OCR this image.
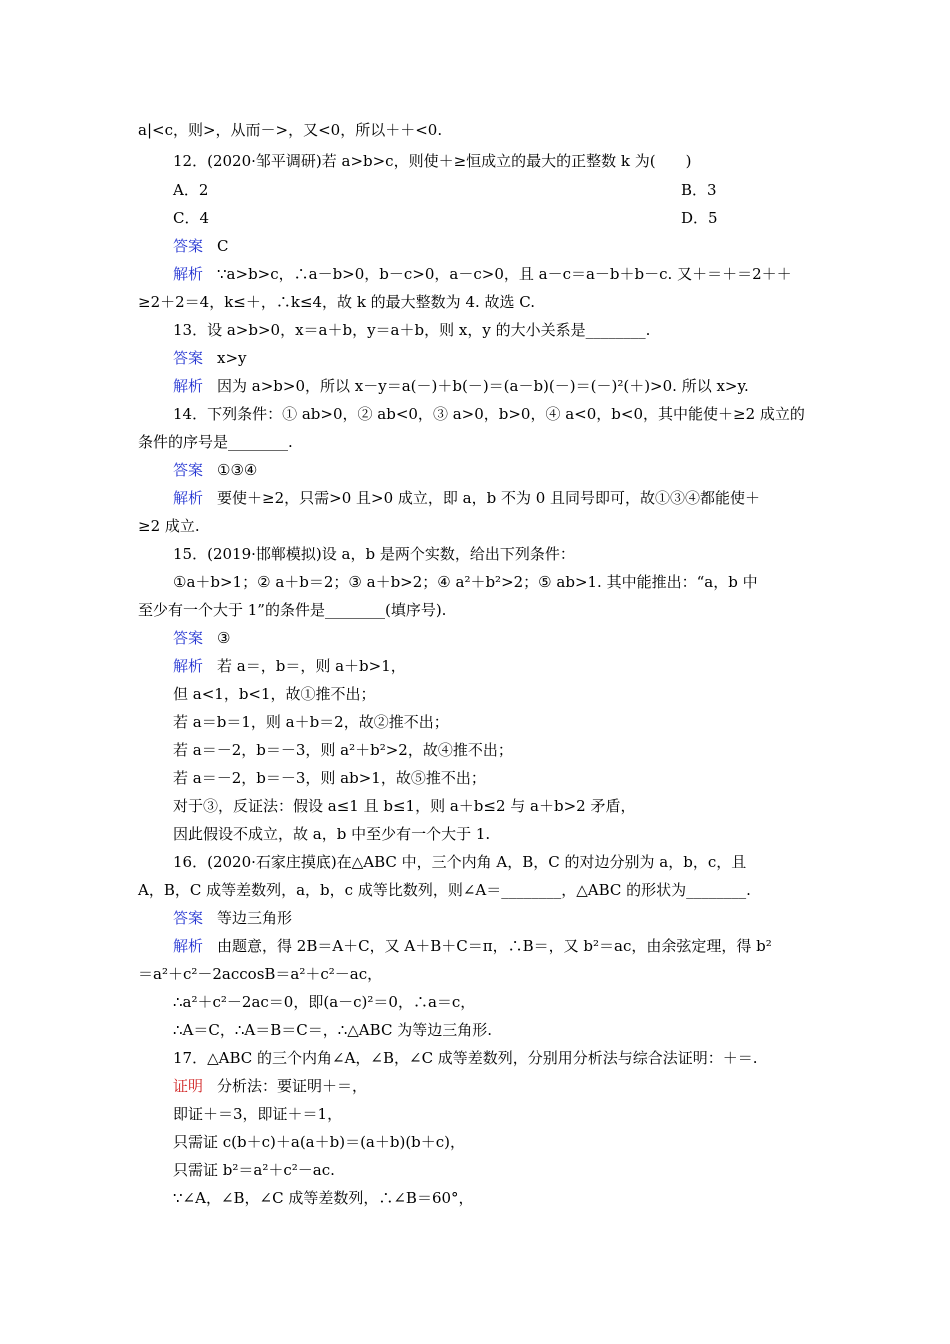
a|<c，则>，从而－>，又<0，所以＋＋<0.
12．(2020·邹平调研)若 a>b>c，则使＋≥恒成立的最大的正整数 k 为(　　)
A．2	B．3
C．4	D．5
答案 C
解析 ∵a>b>c，∴a－b>0，b－c>0，a－c>0，且 a－c＝a－b＋b－c. 又＋＝＋＝2＋＋
≥2＋2＝4，k≤＋，∴k≤4，故 k 的最大整数为 4. 故选 C.
13．设 a>b>0，x＝a＋b，y＝a＋b，则 x，y 的大小关系是________.
答案 x>y
解析 因为 a>b>0，所以 x－y＝a(－)＋b(－)＝(a－b)(－)＝(－)²(＋)>0. 所以 x>y.
14．下列条件：① ab>0，② ab<0，③ a>0，b>0，④ a<0，b<0，其中能使＋≥2 成立的
条件的序号是________.
答案 ①③④
解析 要使＋≥2，只需>0 且>0 成立，即 a，b 不为 0 且同号即可，故①③④都能使＋
≥2 成立.
15．(2019·邯郸模拟)设 a，b 是两个实数，给出下列条件：
①a＋b>1；② a＋b＝2；③ a＋b>2；④ a²＋b²>2；⑤ ab>1. 其中能推出：“a，b 中
至少有一个大于 1”的条件是________(填序号).
答案 ③
解析 若 a＝，b＝，则 a＋b>1，
但 a<1，b<1，故①推不出；
若 a＝b＝1，则 a＋b＝2，故②推不出；
若 a＝－2，b＝－3，则 a²＋b²>2，故④推不出；
若 a＝－2，b＝－3，则 ab>1，故⑤推不出；
对于③，反证法：假设 a≤1 且 b≤1，则 a＋b≤2 与 a＋b>2 矛盾，
因此假设不成立，故 a，b 中至少有一个大于 1.
16．(2020·石家庄摸底)在△ABC 中，三个内角 A，B，C 的对边分别为 a，b，c，且
A，B，C 成等差数列，a，b，c 成等比数列，则∠A＝________，△ABC 的形状为________.
答案 等边三角形
解析 由题意，得 2B＝A＋C，又 A＋B＋C＝π，∴B＝，又 b²＝ac，由余弦定理，得 b²
＝a²＋c²－2accosB＝a²＋c²－ac，
∴a²＋c²－2ac＝0，即(a－c)²＝0，∴a＝c，
∴A＝C，∴A＝B＝C＝，∴△ABC 为等边三角形.
17．△ABC 的三个内角∠A，∠B，∠C 成等差数列，分别用分析法与综合法证明：＋＝.
证明 分析法：要证明＋＝，
即证＋＝3，即证＋＝1，
只需证 c(b＋c)＋a(a＋b)＝(a＋b)(b＋c)，
只需证 b²＝a²＋c²－ac.
∵∠A，∠B，∠C 成等差数列，∴∠B＝60°，
